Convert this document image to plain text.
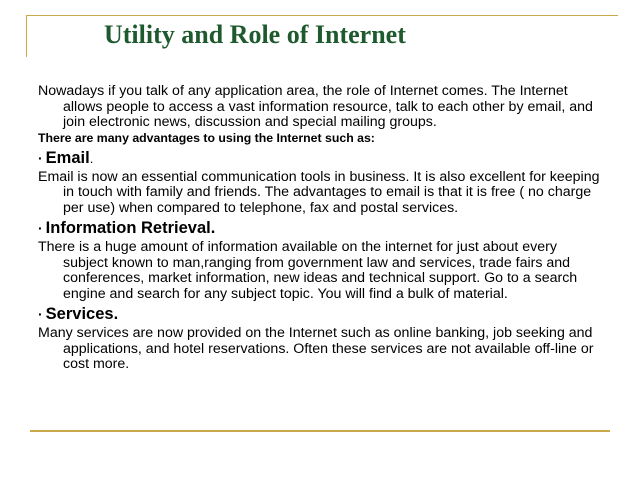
Utility and Role of Internet

Nowadays if you talk of any application area, the role of Internet comes. The Internet allows people to access a vast information resource, talk to each other by email, and join electronic news, discussion and special mailing groups.

There are many advantages to using the Internet such as:

· Email.

Email is now an essential communication tools in business. It is also excellent for keeping in touch with family and friends. The advantages to email is that it is free ( no charge per use) when compared to telephone, fax and postal services.

· Information Retrieval.

There is a huge amount of information available on the internet for just about every subject known to man,ranging from government law and services, trade fairs and conferences, market information, new ideas and technical support. Go to a search engine and search for any subject topic. You will find a bulk of material.

· Services.

Many services are now provided on the Internet such as online banking, job seeking and applications, and hotel reservations. Often these services are not available off-line or cost more.
